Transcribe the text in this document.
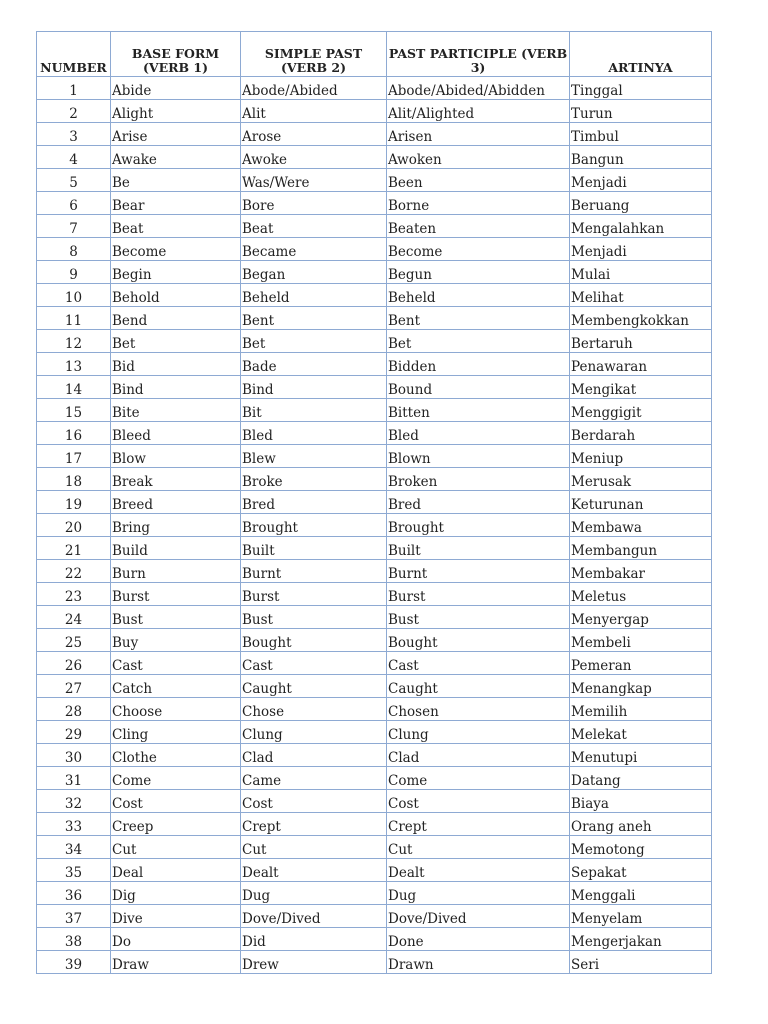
NUMBER	BASE FORM (VERB 1)	SIMPLE PAST (VERB 2)	PAST PARTICIPLE (VERB 3)	ARTINYA
1	Abide	Abode/Abided	Abode/Abided/Abidden	Tinggal
2	Alight	Alit	Alit/Alighted	Turun
3	Arise	Arose	Arisen	Timbul
4	Awake	Awoke	Awoken	Bangun
5	Be	Was/Were	Been	Menjadi
6	Bear	Bore	Borne	Beruang
7	Beat	Beat	Beaten	Mengalahkan
8	Become	Became	Become	Menjadi
9	Begin	Began	Begun	Mulai
10	Behold	Beheld	Beheld	Melihat
11	Bend	Bent	Bent	Membengkokkan
12	Bet	Bet	Bet	Bertaruh
13	Bid	Bade	Bidden	Penawaran
14	Bind	Bind	Bound	Mengikat
15	Bite	Bit	Bitten	Menggigit
16	Bleed	Bled	Bled	Berdarah
17	Blow	Blew	Blown	Meniup
18	Break	Broke	Broken	Merusak
19	Breed	Bred	Bred	Keturunan
20	Bring	Brought	Brought	Membawa
21	Build	Built	Built	Membangun
22	Burn	Burnt	Burnt	Membakar
23	Burst	Burst	Burst	Meletus
24	Bust	Bust	Bust	Menyergap
25	Buy	Bought	Bought	Membeli
26	Cast	Cast	Cast	Pemeran
27	Catch	Caught	Caught	Menangkap
28	Choose	Chose	Chosen	Memilih
29	Cling	Clung	Clung	Melekat
30	Clothe	Clad	Clad	Menutupi
31	Come	Came	Come	Datang
32	Cost	Cost	Cost	Biaya
33	Creep	Crept	Crept	Orang aneh
34	Cut	Cut	Cut	Memotong
35	Deal	Dealt	Dealt	Sepakat
36	Dig	Dug	Dug	Menggali
37	Dive	Dove/Dived	Dove/Dived	Menyelam
38	Do	Did	Done	Mengerjakan
39	Draw	Drew	Drawn	Seri
